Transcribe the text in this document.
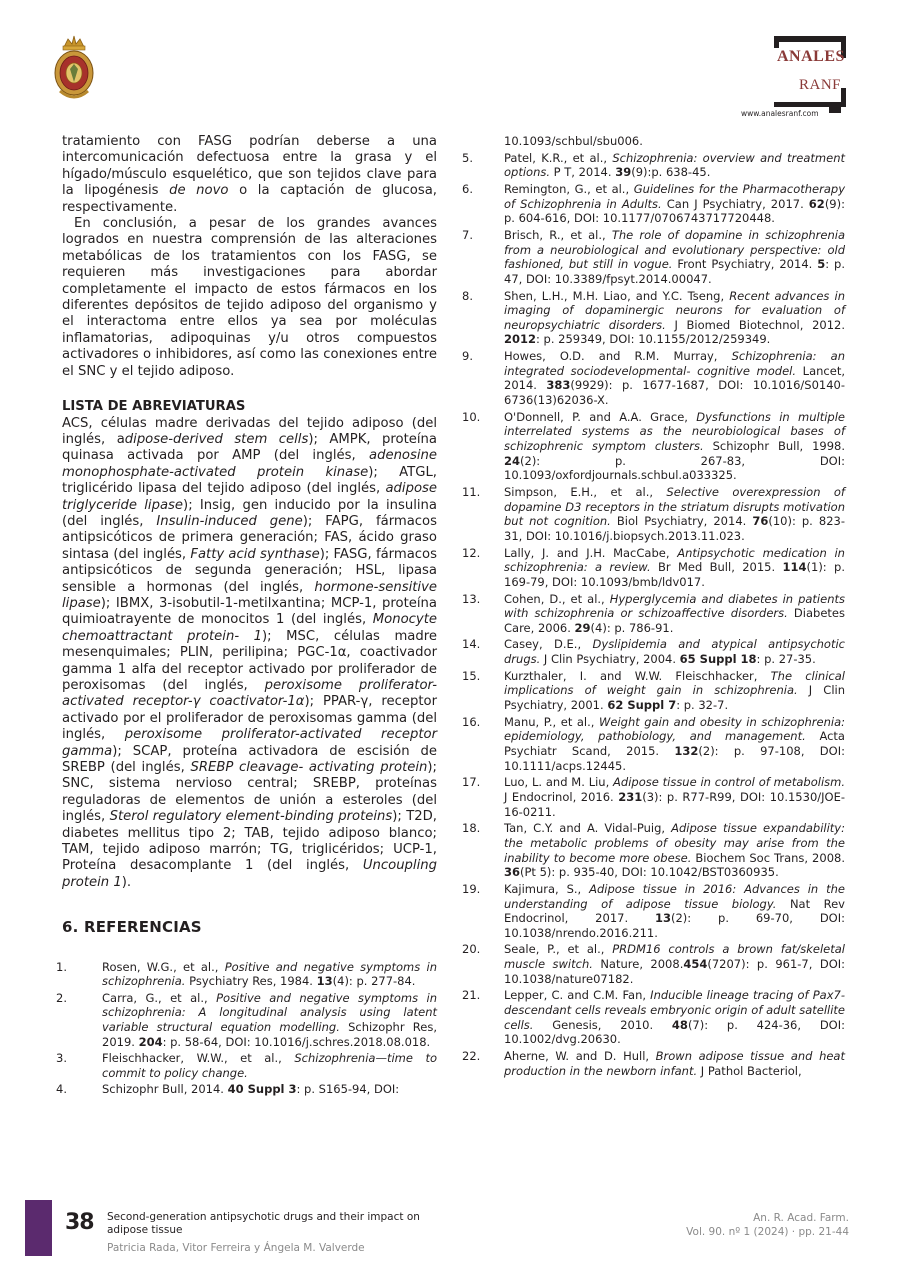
ANALES
RANF
www.analesranf.com

tratamiento con FASG podrían deberse a una intercomunicación defectuosa entre la grasa y el hígado/músculo esquelético, que son tejidos clave para la lipogénesis de novo o la captación de glucosa, respectivamente.

En conclusión, a pesar de los grandes avances logrados en nuestra comprensión de las alteraciones metabólicas de los tratamientos con los FASG, se requieren más investigaciones para abordar completamente el impacto de estos fármacos en los diferentes depósitos de tejido adiposo del organismo y el interactoma entre ellos ya sea por moléculas inflamatorias, adipoquinas y/u otros compuestos activadores o inhibidores, así como las conexiones entre el SNC y el tejido adiposo.

LISTA DE ABREVIATURAS

ACS, células madre derivadas del tejido adiposo (del inglés, adipose-derived stem cells); AMPK, proteína quinasa activada por AMP (del inglés, adenosine monophosphate-activated protein kinase); ATGL, triglicérido lipasa del tejido adiposo (del inglés, adipose triglyceride lipase); Insig, gen inducido por la insulina (del inglés, Insulin-induced gene); FAPG, fármacos antipsicóticos de primera generación; FAS, ácido graso sintasa (del inglés, Fatty acid synthase); FASG, fármacos antipsicóticos de segunda generación; HSL, lipasa sensible a hormonas (del inglés, hormone-sensitive lipase); IBMX, 3-isobutil-1-metilxantina; MCP-1, proteína quimioatrayente de monocitos 1 (del inglés, Monocyte chemoattractant protein- 1); MSC, células madre mesenquimales; PLIN, perilipina; PGC-1α, coactivador gamma 1 alfa del receptor activado por proliferador de peroxisomas (del inglés, peroxisome proliferator-activated receptor-γ coactivator-1α); PPAR-γ, receptor activado por el proliferador de peroxisomas gamma (del inglés, peroxisome proliferator-activated receptor gamma); SCAP, proteína activadora de escisión de SREBP (del inglés, SREBP cleavage- activating protein); SNC, sistema nervioso central; SREBP, proteínas reguladoras de elementos de unión a esteroles (del inglés, Sterol regulatory element-binding proteins); T2D, diabetes mellitus tipo 2; TAB, tejido adiposo blanco; TAM, tejido adiposo marrón; TG, triglicéridos; UCP-1, Proteína desacomplante 1 (del inglés, Uncoupling protein 1).

6. REFERENCIAS
1.	Rosen, W.G., et al., Positive and negative symptoms in schizophrenia. Psychiatry Res, 1984. 13(4): p. 277-84.
2.	Carra, G., et al., Positive and negative symptoms in schizophrenia: A longitudinal analysis using latent variable structural equation modelling. Schizophr Res, 2019. 204: p. 58-64, DOI: 10.1016/j.schres.2018.08.018.
3.	Fleischhacker, W.W., et al., Schizophrenia—time to commit to policy change.
4.	Schizophr Bull, 2014. 40 Suppl 3: p. S165-94, DOI:
10.1093/schbul/sbu006.
5.	Patel, K.R., et al., Schizophrenia: overview and treatment options. P T, 2014. 39(9):p. 638-45.
6.	Remington, G., et al., Guidelines for the Pharmacotherapy of Schizophrenia in Adults. Can J Psychiatry, 2017. 62(9): p. 604-616, DOI: 10.1177/0706743717720448.
7.	Brisch, R., et al., The role of dopamine in schizophrenia from a neurobiological and evolutionary perspective: old fashioned, but still in vogue. Front Psychiatry, 2014. 5: p. 47, DOI: 10.3389/fpsyt.2014.00047.
8.	Shen, L.H., M.H. Liao, and Y.C. Tseng, Recent advances in imaging of dopaminergic neurons for evaluation of neuropsychiatric disorders. J Biomed Biotechnol, 2012. 2012: p. 259349, DOI: 10.1155/2012/259349.
9.	Howes, O.D. and R.M. Murray, Schizophrenia: an integrated sociodevelopmental- cognitive model. Lancet, 2014. 383(9929): p. 1677-1687, DOI: 10.1016/S0140- 6736(13)62036-X.
10.	O'Donnell, P. and A.A. Grace, Dysfunctions in multiple interrelated systems as the neurobiological bases of schizophrenic symptom clusters. Schizophr Bull, 1998. 24(2): p. 267-83, DOI: 10.1093/oxfordjournals.schbul.a033325.
11.	Simpson, E.H., et al., Selective overexpression of dopamine D3 receptors in the striatum disrupts motivation but not cognition. Biol Psychiatry, 2014. 76(10): p. 823- 31, DOI: 10.1016/j.biopsych.2013.11.023.
12.	Lally, J. and J.H. MacCabe, Antipsychotic medication in schizophrenia: a review. Br Med Bull, 2015. 114(1): p. 169-79, DOI: 10.1093/bmb/ldv017.
13.	Cohen, D., et al., Hyperglycemia and diabetes in patients with schizophrenia or schizoaffective disorders. Diabetes Care, 2006. 29(4): p. 786-91.
14.	Casey, D.E., Dyslipidemia and atypical antipsychotic drugs. J Clin Psychiatry, 2004. 65 Suppl 18: p. 27-35.
15.	Kurzthaler, I. and W.W. Fleischhacker, The clinical implications of weight gain in schizophrenia. J Clin Psychiatry, 2001. 62 Suppl 7: p. 32-7.
16.	Manu, P., et al., Weight gain and obesity in schizophrenia: epidemiology, pathobiology, and management. Acta Psychiatr Scand, 2015. 132(2): p. 97-108, DOI: 10.1111/acps.12445.
17.	Luo, L. and M. Liu, Adipose tissue in control of metabolism. J Endocrinol, 2016. 231(3): p. R77-R99, DOI: 10.1530/JOE-16-0211.
18.	Tan, C.Y. and A. Vidal-Puig, Adipose tissue expandability: the metabolic problems of obesity may arise from the inability to become more obese. Biochem Soc Trans, 2008. 36(Pt 5): p. 935-40, DOI: 10.1042/BST0360935.
19.	Kajimura, S., Adipose tissue in 2016: Advances in the understanding of adipose tissue biology. Nat Rev Endocrinol, 2017. 13(2): p. 69-70, DOI: 10.1038/nrendo.2016.211.
20.	Seale, P., et al., PRDM16 controls a brown fat/skeletal muscle switch. Nature, 2008.454(7207): p. 961-7, DOI: 10.1038/nature07182.
21.	Lepper, C. and C.M. Fan, Inducible lineage tracing of Pax7-descendant cells reveals embryonic origin of adult satellite cells. Genesis, 2010. 48(7): p. 424-36, DOI: 10.1002/dvg.20630.
22.	Aherne, W. and D. Hull, Brown adipose tissue and heat production in the newborn infant. J Pathol Bacteriol,
38 Second-generation antipsychotic drugs and their impact on adipose tissue
Patricia Rada, Vitor Ferreira y Ángela M. Valverde
An. R. Acad. Farm.
Vol. 90. nº 1 (2024) · pp. 21-44
